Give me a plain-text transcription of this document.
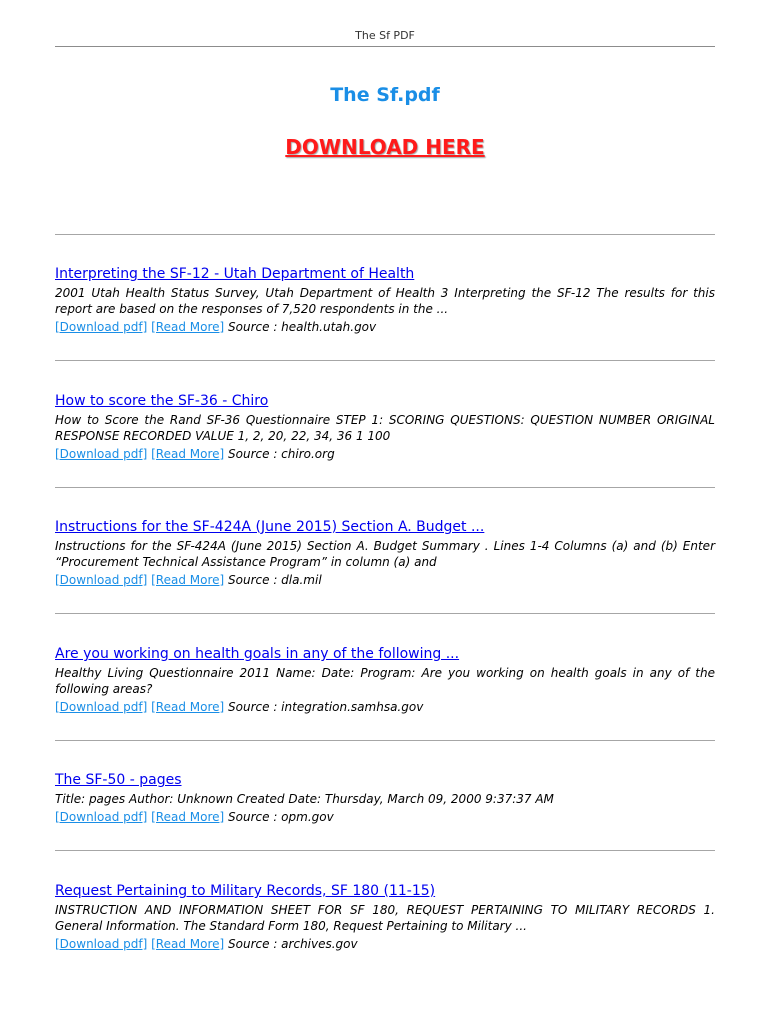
The Sf PDF
The Sf.pdf
DOWNLOAD HERE
Interpreting the SF-12 - Utah Department of Health
2001 Utah Health Status Survey, Utah Department of Health 3 Interpreting the SF-12 The results for this report are based on the responses of 7,520 respondents in the ...
[Download pdf] [Read More] Source : health.utah.gov
How to score the SF-36 - Chiro
How to Score the Rand SF-36 Questionnaire STEP 1: SCORING QUESTIONS: QUESTION NUMBER ORIGINAL RESPONSE RECORDED VALUE 1, 2, 20, 22, 34, 36 1 100
[Download pdf] [Read More] Source : chiro.org
Instructions for the SF-424A (June 2015) Section A. Budget ...
Instructions for the SF-424A (June 2015) Section A. Budget Summary . Lines 1-4 Columns (a) and (b) Enter “Procurement Technical Assistance Program” in column (a) and
[Download pdf] [Read More] Source : dla.mil
Are you working on health goals in any of the following ...
Healthy Living Questionnaire 2011 Name: Date: Program: Are you working on health goals in any of the following areas?
[Download pdf] [Read More] Source : integration.samhsa.gov
The SF-50 - pages
Title: pages Author: Unknown Created Date: Thursday, March 09, 2000 9:37:37 AM
[Download pdf] [Read More] Source : opm.gov
Request Pertaining to Military Records, SF 180 (11-15)
INSTRUCTION AND INFORMATION SHEET FOR SF 180, REQUEST PERTAINING TO MILITARY RECORDS 1. General Information. The Standard Form 180, Request Pertaining to Military ...
[Download pdf] [Read More] Source : archives.gov
